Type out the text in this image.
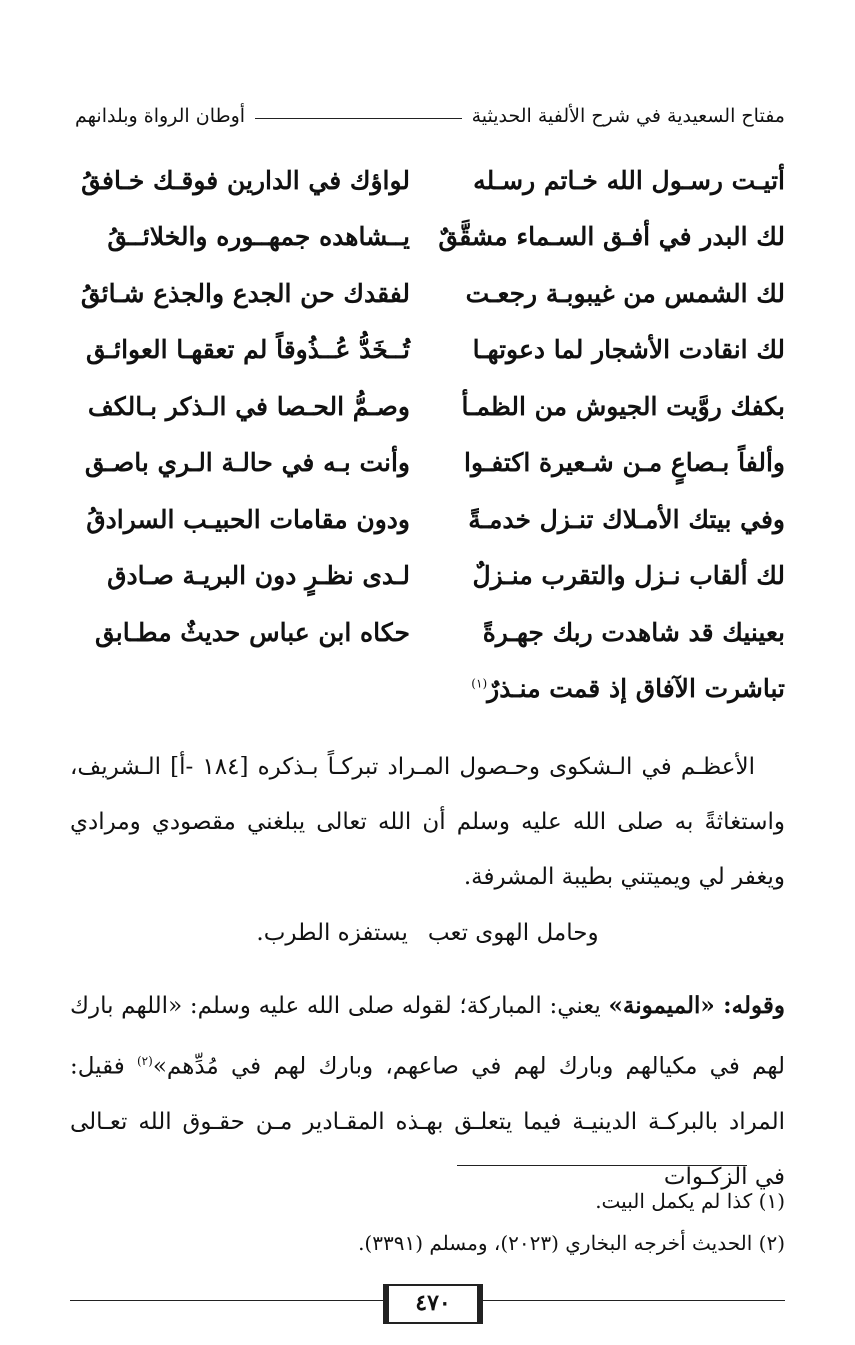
مفتاح السعيدية في شرح الألفية الحديثية
أوطان الرواة وبلدانهم
أتيـت رسـول الله خـاتم رسـله
لواؤك في الدارين فوقـك خـافقُ
لك البدر في أفـق السـماء مشقَّقٌ
يــشاهده جمهــوره والخلائــقُ
لك الشمس من غيبوبـة رجعـت
لفقدك حن الجدع والجذع شـائقُ
لك انقادت الأشجار لما دعوتهـا
تُــخَدُّ عُــذُوقاً لم تعقهـا العوائـق
بكفك روَّيت الجيوش من الظمـأ
وصـمُّ الحـصا في الـذكر بـالكف
وألفاً بـصاعٍ مـن شـعيرة اكتفـوا
وأنت بـه في حالـة الـري باصـق
وفي بيتك الأمـلاك تنـزل خدمـةً
ودون مقامات الحبيـب السرادقُ
لك ألقاب نـزل والتقرب منـزلٌ
لـدى نظـرٍ دون البريـة صـادق
بعينيك قد شاهدت ربك جهـرةً
حكاه ابن عباس حديثٌ مطـابق
تباشرت الآفاق إذ قمت منـذرٌ$^{(١)}$
الأعظـم في الـشكوى وحـصول المـراد تبركـاً بـذكره [١٨٤ -أ] الـشريف، واستغاثةً به صلى الله عليه وسلم أن الله تعالى يبلغني مقصودي ومرادي ويغفر لي ويميتني بطيبة المشرفة.
وحامل الهوى تعبيستفزه الطرب.
وقوله: «الميمونة» يعني: المباركة؛ لقوله صلى الله عليه وسلم: «اللهم بارك لهم في مكيالهم وبارك لهم في صاعهم، وبارك لهم في مُدِّهم»$^{(٢)}$ فقيل: المراد بالبركـة الدينيـة فيما يتعلـق بهـذه المقـادير مـن حقـوق الله تعـالى في الزكـوات
(١) كذا لم يكمل البيت.
(٢) الحديث أخرجه البخاري (٢٠٢٣)، ومسلم (٣٣٩١).
٤٧٠
